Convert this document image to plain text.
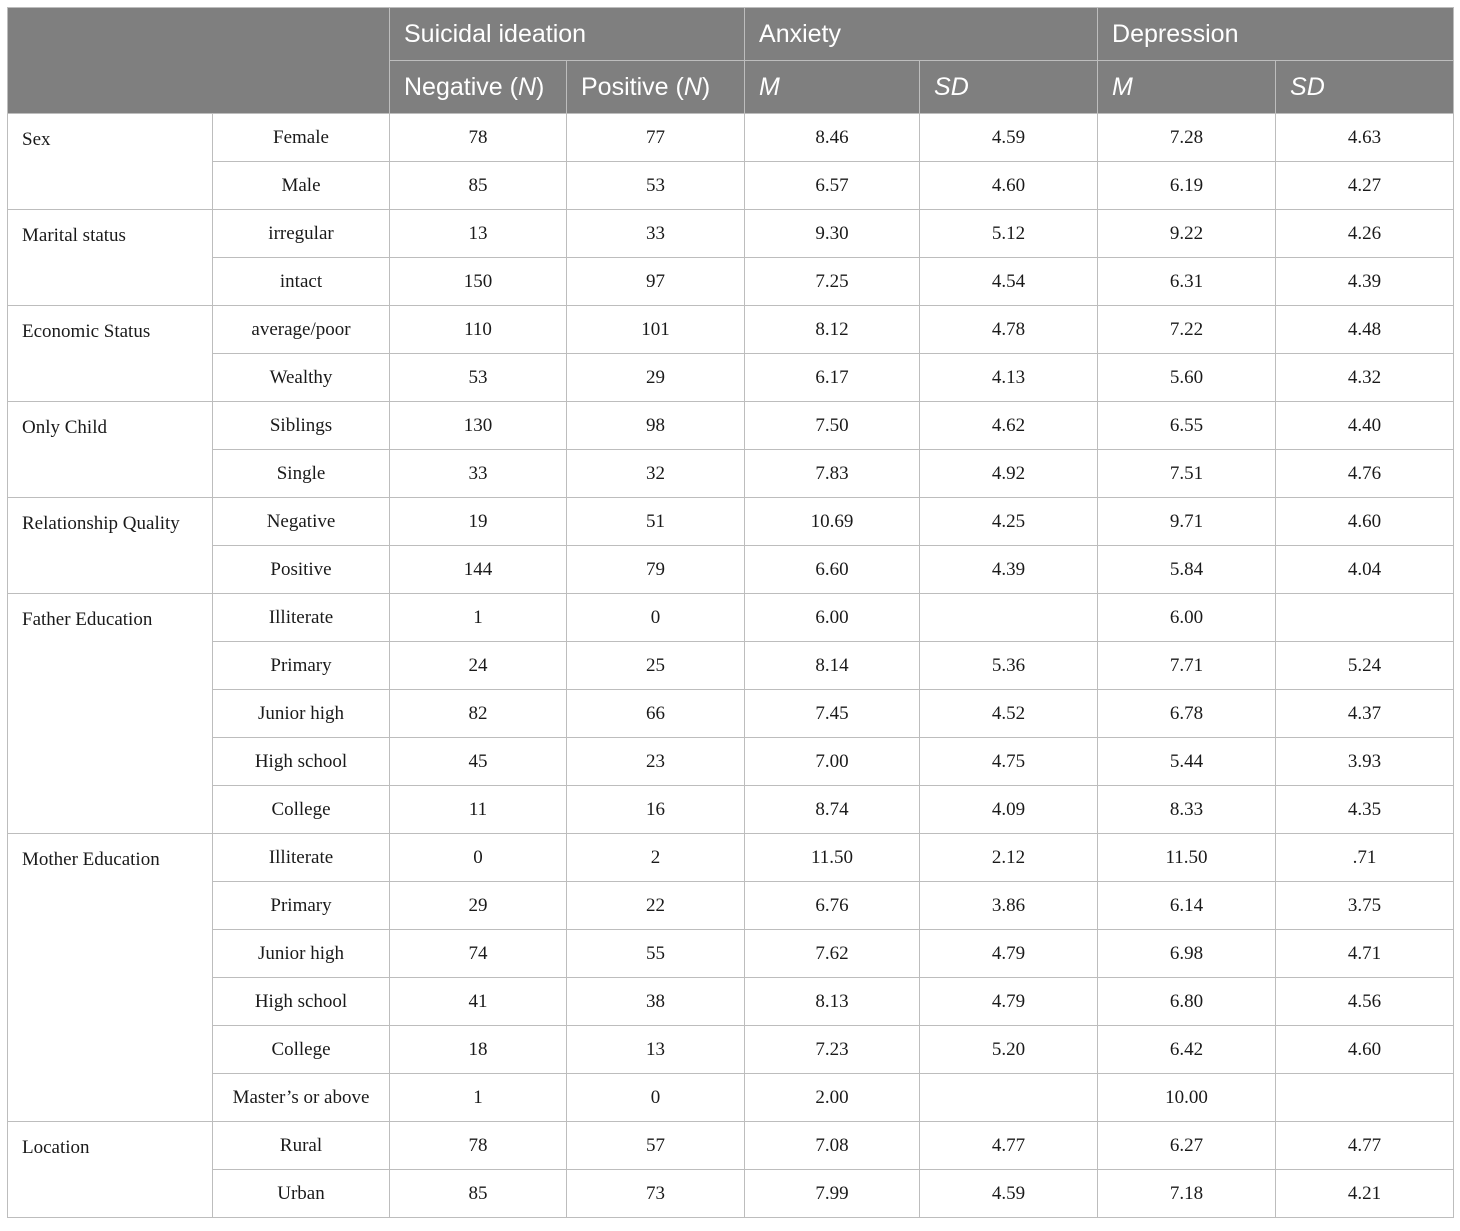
		Suicidal ideation		Anxiety		Depression	
		Negative (N)	Positive (N)	M	SD	M	SD
Sex	Female	78	77	8.46	4.59	7.28	4.63
	Male	85	53	6.57	4.60	6.19	4.27
Marital status	irregular	13	33	9.30	5.12	9.22	4.26
	intact	150	97	7.25	4.54	6.31	4.39
Economic Status	average/poor	110	101	8.12	4.78	7.22	4.48
	Wealthy	53	29	6.17	4.13	5.60	4.32
Only Child	Siblings	130	98	7.50	4.62	6.55	4.40
	Single	33	32	7.83	4.92	7.51	4.76
Relationship Quality	Negative	19	51	10.69	4.25	9.71	4.60
	Positive	144	79	6.60	4.39	5.84	4.04
Father Education	Illiterate	1	0	6.00		6.00	
	Primary	24	25	8.14	5.36	7.71	5.24
	Junior high	82	66	7.45	4.52	6.78	4.37
	High school	45	23	7.00	4.75	5.44	3.93
	College	11	16	8.74	4.09	8.33	4.35
Mother Education	Illiterate	0	2	11.50	2.12	11.50	.71
	Primary	29	22	6.76	3.86	6.14	3.75
	Junior high	74	55	7.62	4.79	6.98	4.71
	High school	41	38	8.13	4.79	6.80	4.56
	College	18	13	7.23	5.20	6.42	4.60
	Master’s or above	1	0	2.00		10.00	
Location	Rural	78	57	7.08	4.77	6.27	4.77
	Urban	85	73	7.99	4.59	7.18	4.21
